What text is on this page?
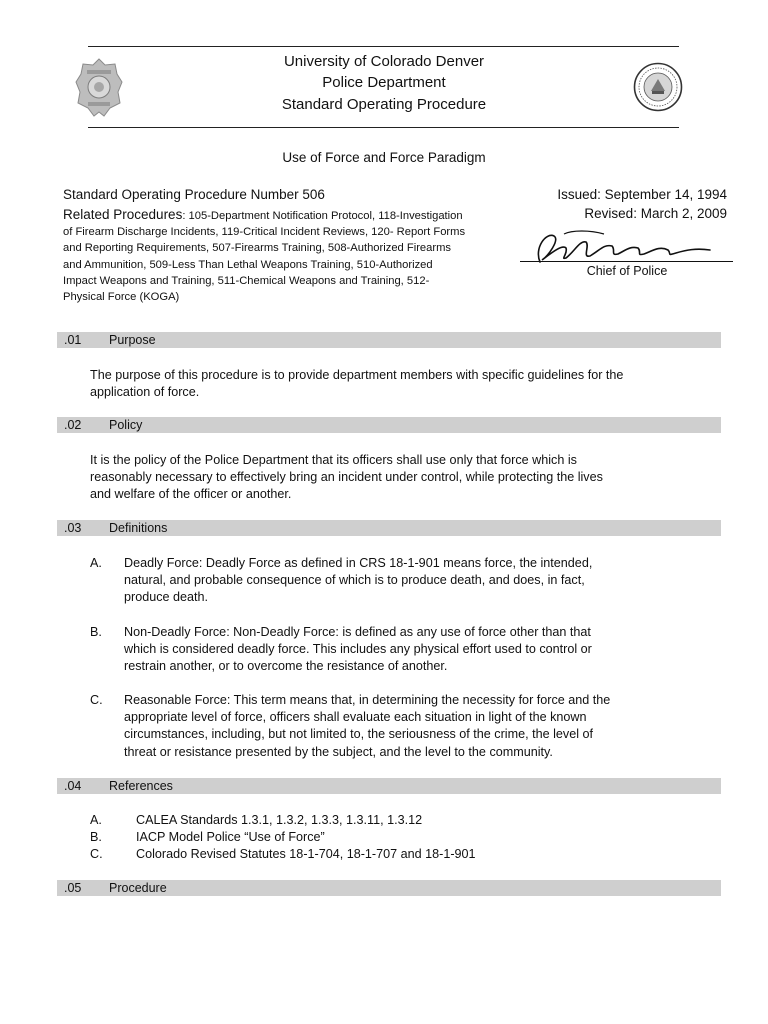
University of Colorado Denver
Police Department
Standard Operating Procedure
Use of Force and Force Paradigm
Standard Operating Procedure Number 506
Related Procedures: 105-Department Notification Protocol, 118-Investigation
of Firearm Discharge Incidents, 119-Critical Incident Reviews, 120- Report Forms
and Reporting Requirements, 507-Firearms Training, 508-Authorized Firearms
and Ammunition, 509-Less Than Lethal Weapons Training, 510-Authorized
Impact Weapons and Training, 511-Chemical Weapons and Training, 512-
Physical Force (KOGA)
Issued: September 14, 1994
Revised: March 2, 2009
Chief of Police
.01 Purpose
The purpose of this procedure is to provide department members with specific guidelines for the
application of force.
.02 Policy
It is the policy of the Police Department that its officers shall use only that force which is
reasonably necessary to effectively bring an incident under control, while protecting the lives
and welfare of the officer or another.
.03 Definitions
A. Deadly Force: Deadly Force as defined in CRS 18-1-901 means force, the intended,
natural, and probable consequence of which is to produce death, and does, in fact,
produce death.
B. Non-Deadly Force: Non-Deadly Force: is defined as any use of force other than that
which is considered deadly force. This includes any physical effort used to control or
restrain another, or to overcome the resistance of another.
C. Reasonable Force: This term means that, in determining the necessity for force and the
appropriate level of force, officers shall evaluate each situation in light of the known
circumstances, including, but not limited to, the seriousness of the crime, the level of
threat or resistance presented by the subject, and the level to the community.
.04 References
A.	CALEA Standards 1.3.1, 1.3.2, 1.3.3, 1.3.11, 1.3.12
B.	IACP Model Police “Use of Force”
C.	Colorado Revised Statutes 18-1-704, 18-1-707 and 18-1-901
.05 Procedure
